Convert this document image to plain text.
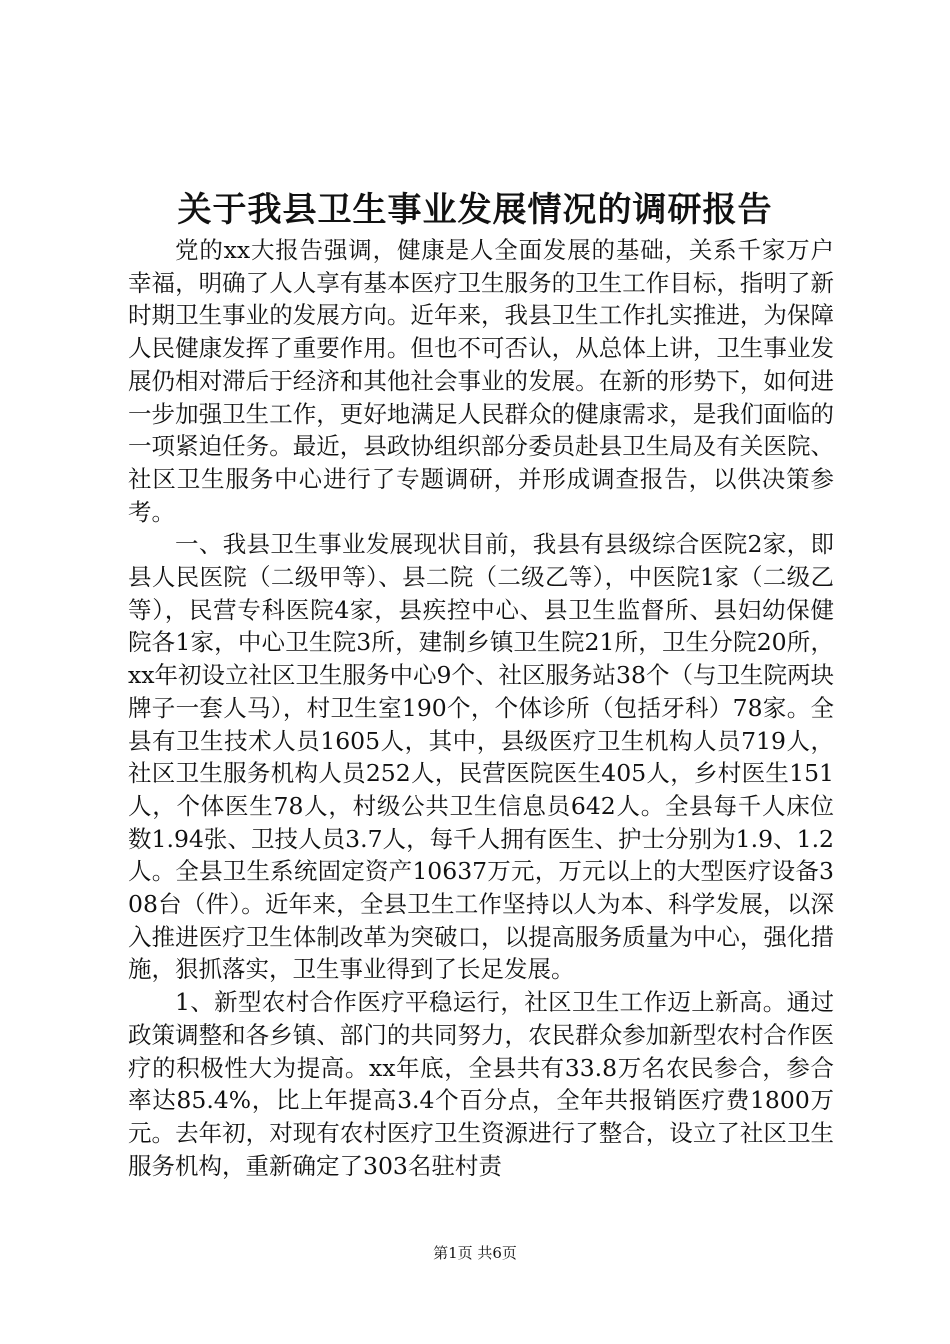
关于我县卫生事业发展情况的调研报告

党的xx大报告强调，健康是人全面发展的基础，关系千家万户幸福，明确了人人享有基本医疗卫生服务的卫生工作目标，指明了新时期卫生事业的发展方向。近年来，我县卫生工作扎实推进，为保障人民健康发挥了重要作用。但也不可否认，从总体上讲，卫生事业发展仍相对滞后于经济和其他社会事业的发展。在新的形势下，如何进一步加强卫生工作，更好地满足人民群众的健康需求，是我们面临的一项紧迫任务。最近，县政协组织部分委员赴县卫生局及有关医院、社区卫生服务中心进行了专题调研，并形成调查报告，以供决策参考。

一、我县卫生事业发展现状目前，我县有县级综合医院2家，即县人民医院（二级甲等）、县二院（二级乙等），中医院1家（二级乙等），民营专科医院4家，县疾控中心、县卫生监督所、县妇幼保健院各1家，中心卫生院3所，建制乡镇卫生院21所，卫生分院20所，xx年初设立社区卫生服务中心9个、社区服务站38个（与卫生院两块牌子一套人马），村卫生室190个，个体诊所（包括牙科）78家。全县有卫生技术人员1605人，其中，县级医疗卫生机构人员719人，社区卫生服务机构人员252人，民营医院医生405人，乡村医生151人，个体医生78人，村级公共卫生信息员642人。全县每千人床位数1.94张、卫技人员3.7人，每千人拥有医生、护士分别为1.9、1.2人。全县卫生系统固定资产10637万元，万元以上的大型医疗设备308台（件）。近年来，全县卫生工作坚持以人为本、科学发展，以深入推进医疗卫生体制改革为突破口，以提高服务质量为中心，强化措施，狠抓落实，卫生事业得到了长足发展。

1、新型农村合作医疗平稳运行，社区卫生工作迈上新高。通过政策调整和各乡镇、部门的共同努力，农民群众参加新型农村合作医疗的积极性大为提高。xx年底，全县共有33.8万名农民参合，参合率达85.4%，比上年提高3.4个百分点，全年共报销医疗费1800万元。去年初，对现有农村医疗卫生资源进行了整合，设立了社区卫生服务机构，重新确定了303名驻村责

第1页 共6页
